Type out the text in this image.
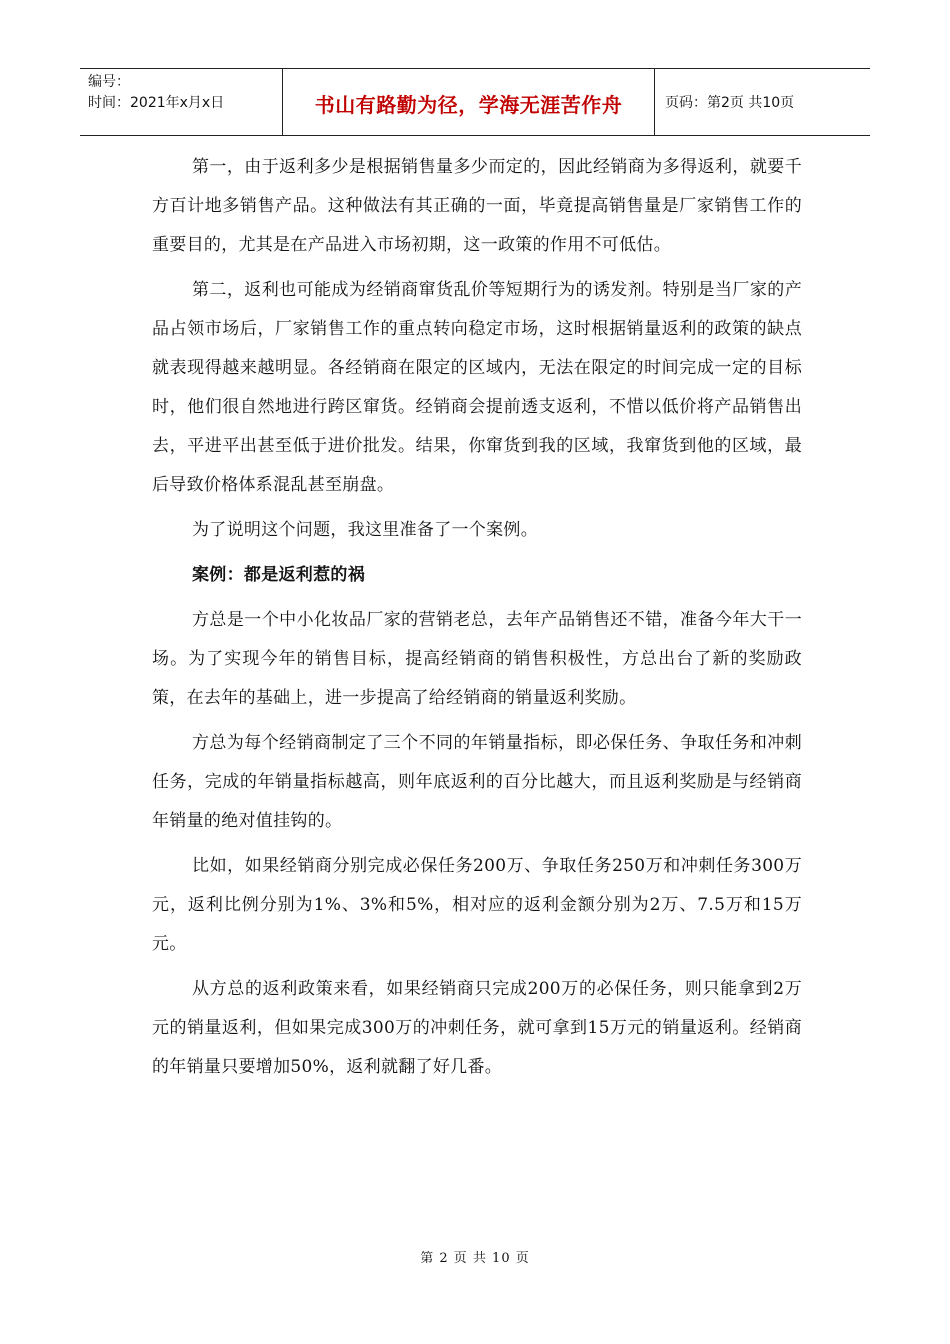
编号：
时间：2021年x月x日	书山有路勤为径，学海无涯苦作舟	页码：第2页 共10页

第一，由于返利多少是根据销售量多少而定的，因此经销商为多得返利，就要千方百计地多销售产品。这种做法有其正确的一面，毕竟提高销售量是厂家销售工作的重要目的，尤其是在产品进入市场初期，这一政策的作用不可低估。

第二，返利也可能成为经销商窜货乱价等短期行为的诱发剂。特别是当厂家的产品占领市场后，厂家销售工作的重点转向稳定市场，这时根据销量返利的政策的缺点就表现得越来越明显。各经销商在限定的区域内，无法在限定的时间完成一定的目标时，他们很自然地进行跨区窜货。经销商会提前透支返利，不惜以低价将产品销售出去，平进平出甚至低于进价批发。结果，你窜货到我的区域，我窜货到他的区域，最后导致价格体系混乱甚至崩盘。

为了说明这个问题，我这里准备了一个案例。

案例：都是返利惹的祸

方总是一个中小化妆品厂家的营销老总，去年产品销售还不错，准备今年大干一场。为了实现今年的销售目标，提高经销商的销售积极性，方总出台了新的奖励政策，在去年的基础上，进一步提高了给经销商的销量返利奖励。

方总为每个经销商制定了三个不同的年销量指标，即必保任务、争取任务和冲刺任务，完成的年销量指标越高，则年底返利的百分比越大，而且返利奖励是与经销商年销量的绝对值挂钩的。

比如，如果经销商分别完成必保任务200万、争取任务250万和冲刺任务300万元，返利比例分别为1%、3%和5%，相对应的返利金额分别为2万、7.5万和15万元。

从方总的返利政策来看，如果经销商只完成200万的必保任务，则只能拿到2万元的销量返利，但如果完成300万的冲刺任务，就可拿到15万元的销量返利。经销商的年销量只要增加50%，返利就翻了好几番。

第 2 页 共 10 页
